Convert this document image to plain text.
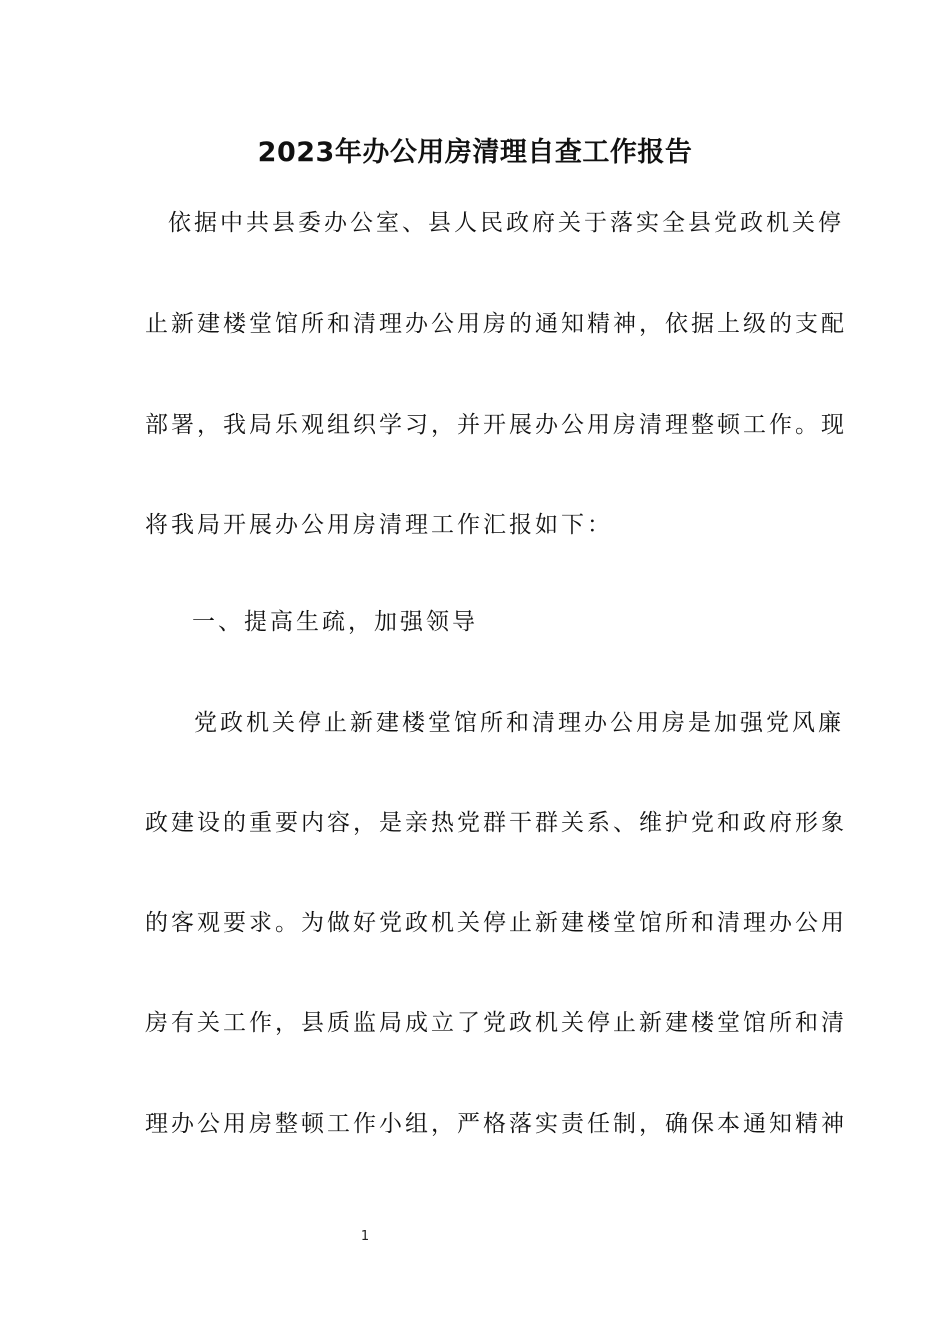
2023年办公用房清理自查工作报告
依据中共县委办公室、县人民政府关于落实全县党政机关停
止新建楼堂馆所和清理办公用房的通知精神，依据上级的支配
部署，我局乐观组织学习，并开展办公用房清理整顿工作。现
将我局开展办公用房清理工作汇报如下：
一、提高生疏，加强领导
党政机关停止新建楼堂馆所和清理办公用房是加强党风廉
政建设的重要内容，是亲热党群干群关系、维护党和政府形象
的客观要求。为做好党政机关停止新建楼堂馆所和清理办公用
房有关工作，县质监局成立了党政机关停止新建楼堂馆所和清
理办公用房整顿工作小组，严格落实责任制，确保本通知精神
1
